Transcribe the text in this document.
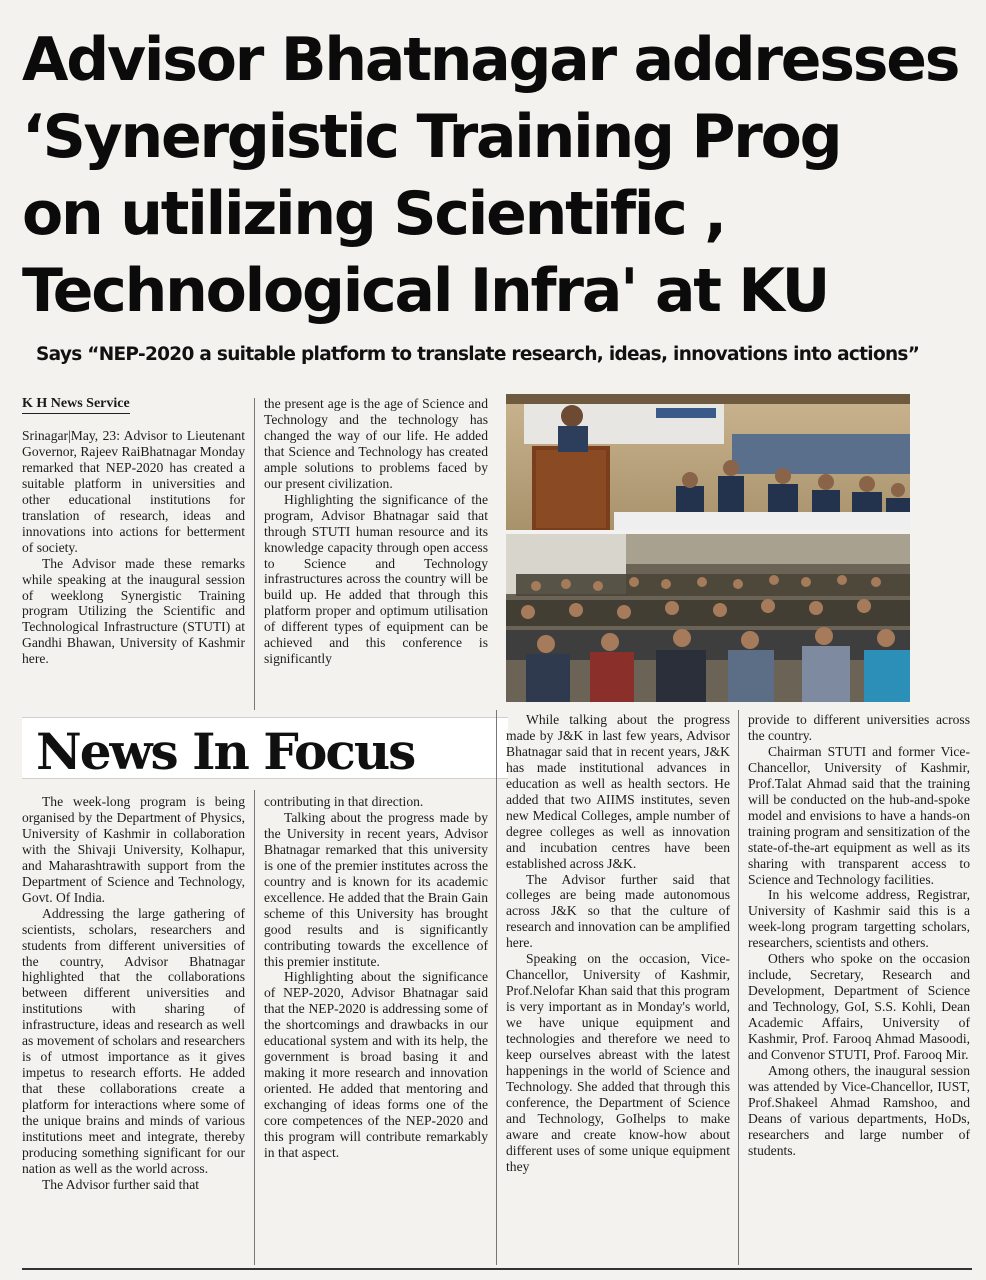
Advisor Bhatnagar addresses
‘Synergistic Training Prog
on utilizing Scientific ,
Technological Infra' at KU
Says “NEP-2020 a suitable platform to translate research, ideas, innovations into actions”
K H News Service

Srinagar|May, 23: Advisor to Lieutenant Governor, Rajeev RaiBhatnagar Monday remarked that NEP-2020 has created a suitable platform in universities and other educational institutions for translation of research, ideas and innovations into actions for betterment of society.

The Advisor made these remarks while speaking at the inaugural session of weeklong Synergistic Training program Utilizing the Scientific and Technological Infrastructure (STUTI) at Gandhi Bhawan, University of Kashmir here.

the present age is the age of Science and Technology and the technology has changed the way of our life. He added that Science and Technology has created ample solutions to problems faced by our present civilization.

Highlighting the significance of the program, Advisor Bhatnagar said that through STUTI human resource and its knowledge capacity through open access to Science and Technology infrastructures across the country will be build up. He added that through this platform proper and optimum utilisation of different types of equipment can be achieved and this conference is significantly

News In Focus

The week-long program is being organised by the Department of Physics, University of Kashmir in collaboration with the Shivaji University, Kolhapur, and Maharashtrawith support from the Department of Science and Technology, Govt. Of India.

Addressing the large gathering of scientists, scholars, researchers and students from different universities of the country, Advisor Bhatnagar highlighted that the collaborations between different universities and institutions with sharing of infrastructure, ideas and research as well as movement of scholars and researchers is of utmost importance as it gives impetus to research efforts. He added that these collaborations create a platform for interactions where some of the unique brains and minds of various institutions meet and integrate, thereby producing something significant for our nation as well as the world across.

The Advisor further said that

contributing in that direction.

Talking about the progress made by the University in recent years, Advisor Bhatnagar remarked that this university is one of the premier institutes across the country and is known for its academic excellence. He added that the Brain Gain scheme of this University has brought good results and is significantly contributing towards the excellence of this premier institute.

Highlighting about the significance of NEP-2020, Advisor Bhatnagar said that the NEP-2020 is addressing some of the shortcomings and drawbacks in our educational system and with its help, the government is broad basing it and making it more research and innovation oriented. He added that mentoring and exchanging of ideas forms one of the core competences of the NEP-2020 and this program will contribute remarkably in that aspect.

While talking about the progress made by J&K in last few years, Advisor Bhatnagar said that in recent years, J&K has made institutional advances in education as well as health sectors. He added that two AIIMS institutes, seven new Medical Colleges, ample number of degree colleges as well as innovation and incubation centres have been established across J&K.

The Advisor further said that colleges are being made autonomous across J&K so that the culture of research and innovation can be amplified here.

Speaking on the occasion, Vice-Chancellor, University of Kashmir, Prof.Nelofar Khan said that this program is very important as in Monday's world, we have unique equipment and technologies and therefore we need to keep ourselves abreast with the latest happenings in the world of Science and Technology. She added that through this conference, the Department of Science and Technology, GoIhelps to make aware and create know-how about different uses of some unique equipment they

provide to different universities across the country.

Chairman STUTI and former Vice-Chancellor, University of Kashmir, Prof.Talat Ahmad said that the training will be conducted on the hub-and-spoke model and envisions to have a hands-on training program and sensitization of the state-of-the-art equipment as well as its sharing with transparent access to Science and Technology facilities.

In his welcome address, Registrar, University of Kashmir said this is a week-long program targetting scholars, researchers, scientists and others.

Others who spoke on the occasion include, Secretary, Research and Development, Department of Science and Technology, GoI, S.S. Kohli, Dean Academic Affairs, University of Kashmir, Prof. Farooq Ahmad Masoodi, and Convenor STUTI, Prof. Farooq Mir.

Among others, the inaugural session was attended by Vice-Chancellor, IUST, Prof.Shakeel Ahmad Ramshoo, and Deans of various departments, HoDs, researchers and large number of students.
